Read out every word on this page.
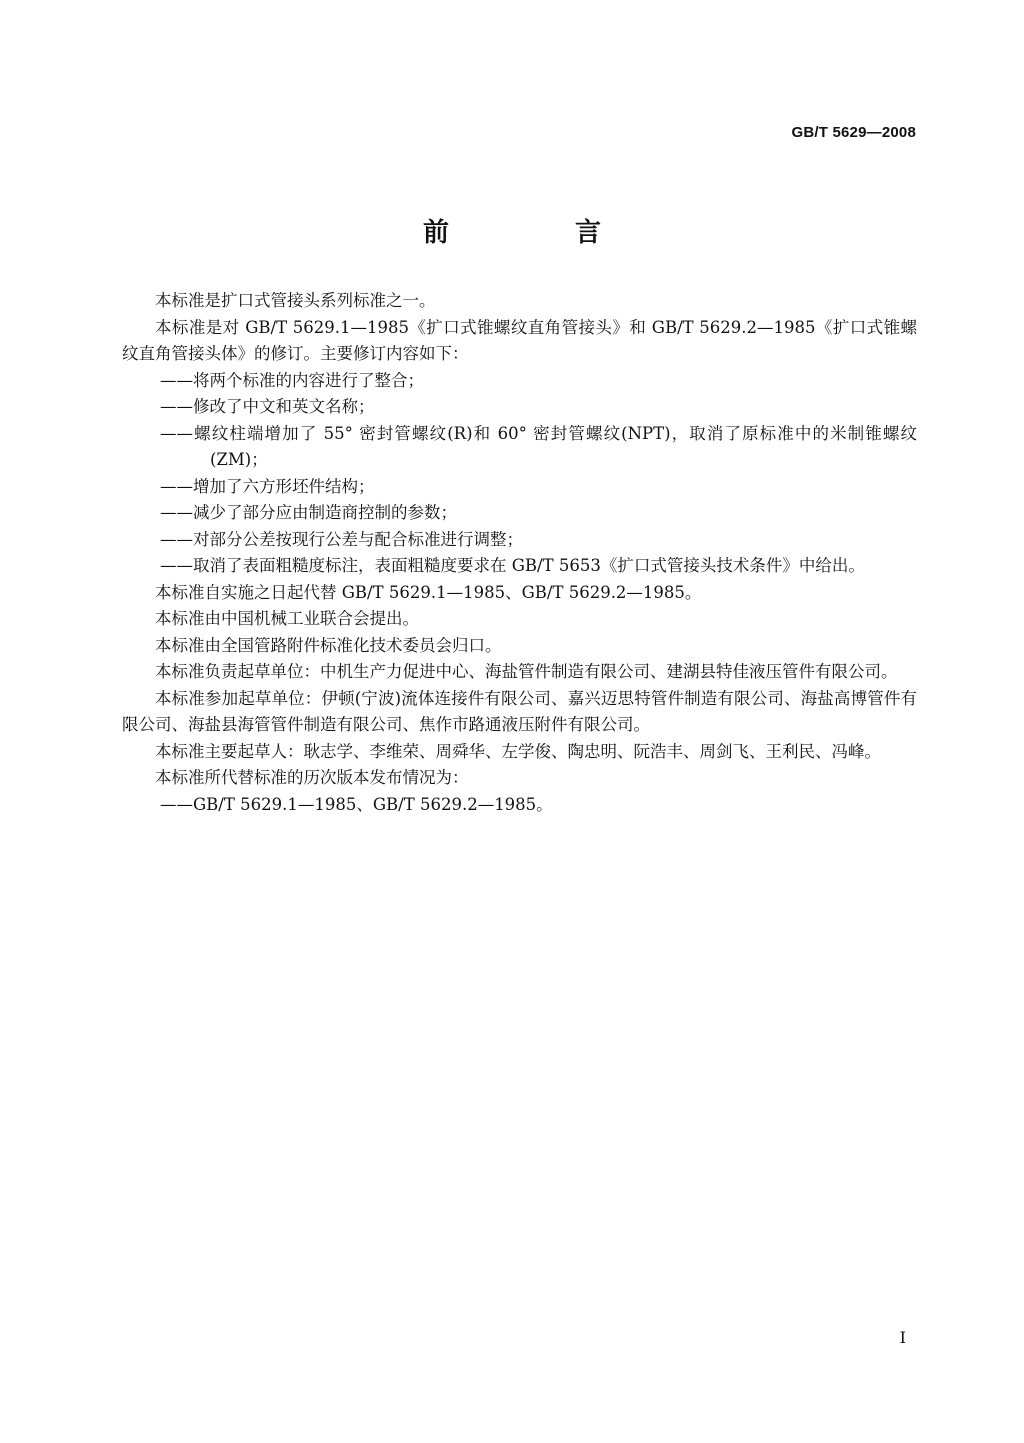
GB/T 5629—2008
前　言

本标准是扩口式管接头系列标准之一。

本标准是对 GB/T 5629.1—1985《扩口式锥螺纹直角管接头》和 GB/T 5629.2—1985《扩口式锥螺纹直角管接头体》的修订。主要修订内容如下：

——将两个标准的内容进行了整合；

——修改了中文和英文名称；

——螺纹柱端增加了 55° 密封管螺纹(R)和 60° 密封管螺纹(NPT)，取消了原标准中的米制锥螺纹(ZM)；

——增加了六方形坯件结构；

——减少了部分应由制造商控制的参数；

——对部分公差按现行公差与配合标准进行调整；

——取消了表面粗糙度标注，表面粗糙度要求在 GB/T 5653《扩口式管接头技术条件》中给出。

本标准自实施之日起代替 GB/T 5629.1—1985、GB/T 5629.2—1985。

本标准由中国机械工业联合会提出。

本标准由全国管路附件标准化技术委员会归口。

本标准负责起草单位：中机生产力促进中心、海盐管件制造有限公司、建湖县特佳液压管件有限公司。

本标准参加起草单位：伊顿(宁波)流体连接件有限公司、嘉兴迈思特管件制造有限公司、海盐高博管件有限公司、海盐县海管管件制造有限公司、焦作市路通液压附件有限公司。

本标准主要起草人：耿志学、李维荣、周舜华、左学俊、陶忠明、阮浩丰、周剑飞、王利民、冯峰。

本标准所代替标准的历次版本发布情况为：

——GB/T 5629.1—1985、GB/T 5629.2—1985。

I
